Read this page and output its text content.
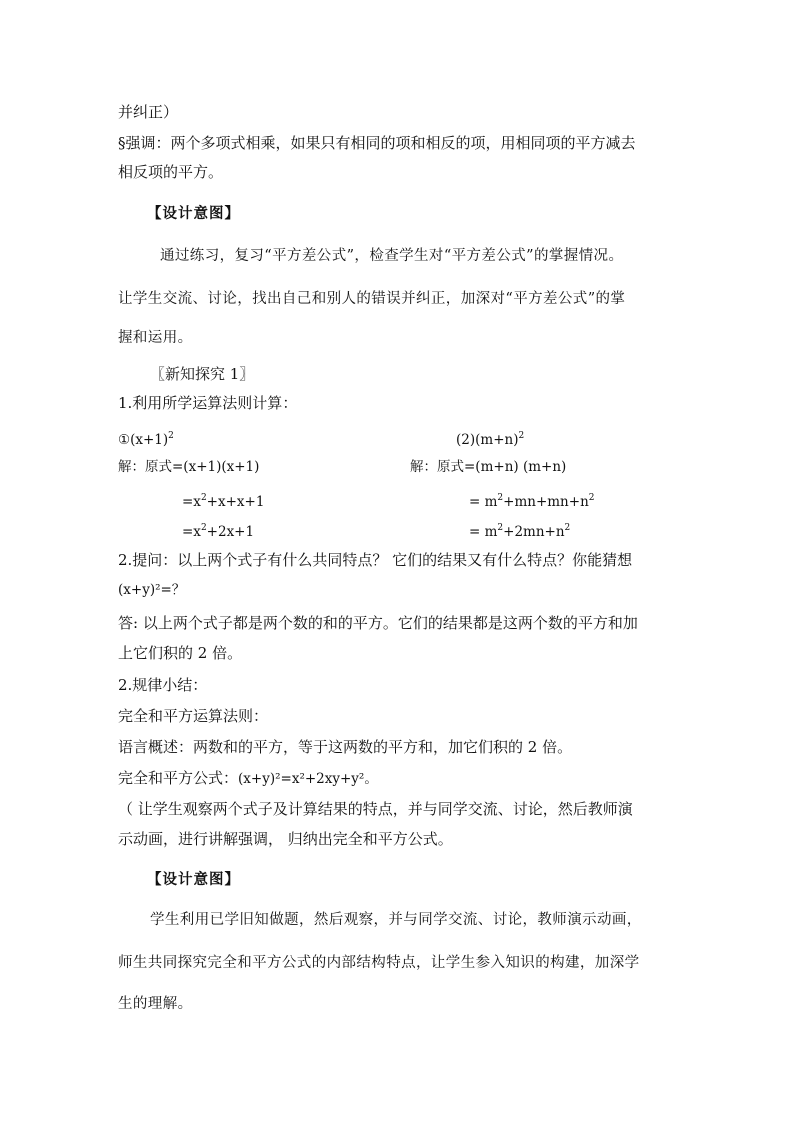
并纠正）
§强调：两个多项式相乘，如果只有相同的项和相反的项，用相同项的平方减去
相反项的平方。
【设计意图】
通过练习，复习“平方差公式”，检查学生对“平方差公式”的掌握情况。
让学生交流、讨论，找出自己和别人的错误并纠正，加深对“平方差公式”的掌
握和运用。
〖新知探究 1〗
1.利用所学运算法则计算：
$①(x+1)^2$	$(2)(m+n)^2$
解：原式=(x+1)(x+1)	解：原式=(m+n) (m+n)
$=x^2+x+x+1$	= $m^2+mn+mn+n^2$
$=x^2+2x+1$	= $m^2+2mn+n^2$
2.提问：以上两个式子有什么共同特点？ 它们的结果又有什么特点？你能猜想
(x+y)²=？
答: 以上两个式子都是两个数的和的平方。它们的结果都是这两个数的平方和加
上它们积的 2 倍。
2.规律小结：
完全和平方运算法则：
语言概述：两数和的平方，等于这两数的平方和，加它们积的 2 倍。
完全和平方公式：(x+y)²=x²+2xy+y²。
（ 让学生观察两个式子及计算结果的特点，并与同学交流、讨论，然后教师演
示动画，进行讲解强调， 归纳出完全和平方公式。
【设计意图】
学生利用已学旧知做题，然后观察，并与同学交流、讨论，教师演示动画，
师生共同探究完全和平方公式的内部结构特点，让学生参入知识的构建，加深学
生的理解。
